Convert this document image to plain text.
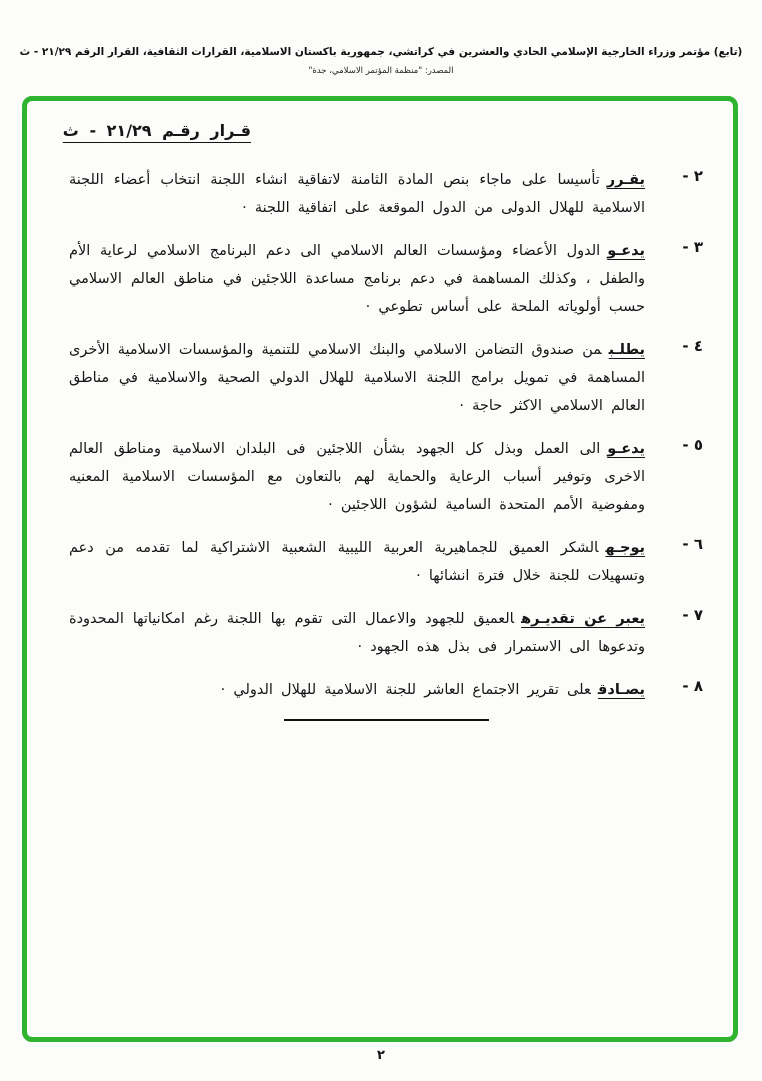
(تابع) مؤتمر وزراء الخارجية الإسلامي الحادي والعشرين في كراتشي، جمهورية باكستان الاسلامية، القرارات الثقافية، القرار الرقم ٢١/٢٩ - ث
المصدر: "منظمة المؤتمر الاسلامي، جدة"
قـرار رقـم ٢١/٢٩ - ث
٢ -
يقـررتأسيسا على ماجاء بنص المادة الثامنة لاتفاقية انشاء اللجنة انتخاب أعضاء اللجنة الاسلامية للهلال الدولى من الدول الموقعة على اتفاقية اللجنة ·
٣ -
يدعـوالدول الأعضاء ومؤسسات العالم الاسلامي الى دعم البرنامج الاسلامي لرعاية الأم والطفل ، وكذلك المساهمة في دعم برنامج مساعدة اللاجئين في مناطق العالم الاسلامي حسب أولوياته الملحة على أساس تطوعي ·
٤ -
يطلـبمن صندوق التضامن الاسلامي والبنك الاسلامي للتنمية والمؤسسات الاسلامية الأخرى المساهمة في تمويل برامج اللجنة الاسلامية للهلال الدولي الصحية والاسلامية في مناطق العالم الاسلامي الاكثر حاجة ·
٥ -
يدعـوالى العمل وبذل كل الجهود بشأن اللاجئين فى البلدان الاسلامية ومناطق العالم الاخرى وتوفير أسباب الرعاية والحماية لهم بالتعاون مع المؤسسات الاسلامية المعنيه ومفوضية الأمم المتحدة السامية لشؤون اللاجئين ·
٦ -
يوجـهالشكر العميق للجماهيرية العربية الليبية الشعبية الاشتراكية لما تقدمه من دعم وتسهيلات للجنة خلال فترة انشائها ·
٧ -
يعبر عن تقديـرهالعميق للجهود والاعمال التى تقوم بها اللجنة رغم امكانياتها المحدودة وتدعوها الى الاستمرار فى بذل هذه الجهود ·
٨ -
يصـادقعلى تقرير الاجتماع العاشر للجنة الاسلامية للهلال الدولي ·
٢
